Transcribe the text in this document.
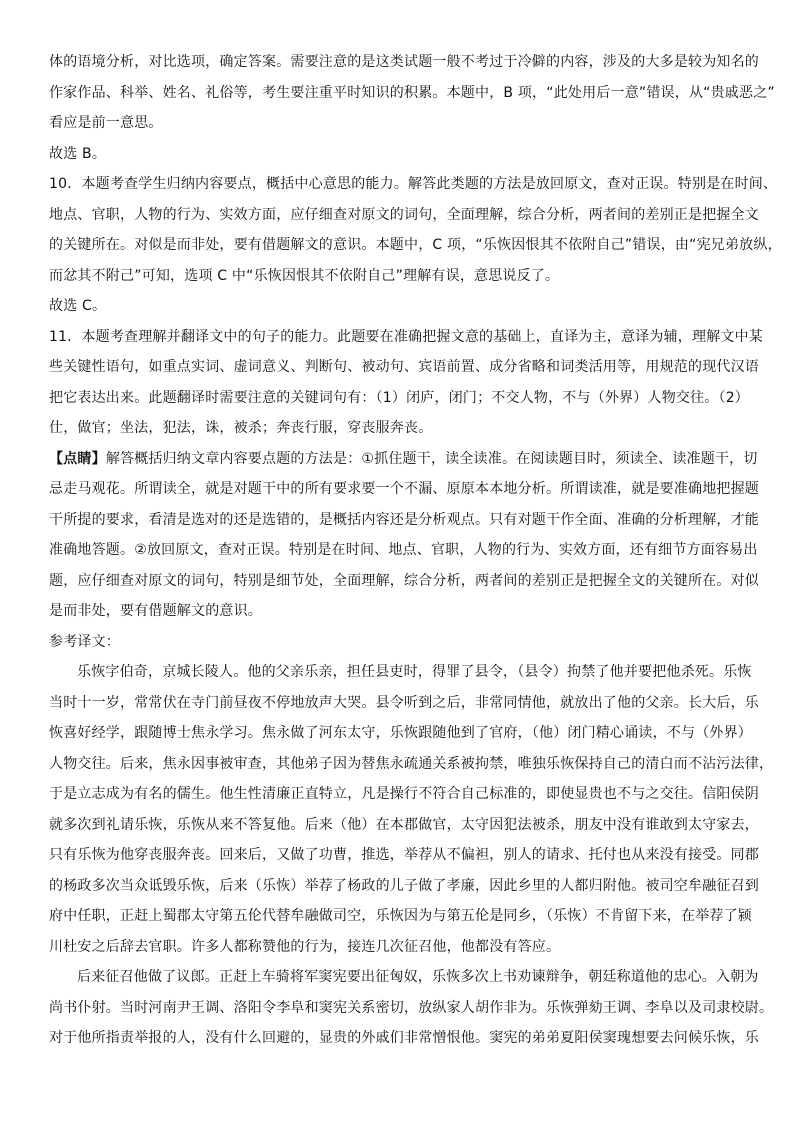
体的语境分析，对比选项，确定答案。需要注意的是这类试题一般不考过于冷僻的内容，涉及的大多是较为知名的
作家作品、科举、姓名、礼俗等，考生要注重平时知识的积累。本题中，B 项，“此处用后一意”错误，从“贵戚恶之”
看应是前一意思。
故选 B。
10．本题考查学生归纳内容要点，概括中心意思的能力。解答此类题的方法是放回原文，查对正误。特别是在时间、
地点、官职，人物的行为、实效方面，应仔细查对原文的词句，全面理解，综合分析，两者间的差别正是把握全文
的关键所在。对似是而非处，要有借题解文的意识。本题中，C 项，“乐恢因恨其不依附自己”错误，由“宪兄弟放纵，
而忿其不附己”可知，选项 C 中“乐恢因恨其不依附自己”理解有误，意思说反了。
故选 C。
11．本题考查理解并翻译文中的句子的能力。此题要在准确把握文意的基础上，直译为主，意译为辅，理解文中某
些关键性语句，如重点实词、虚词意义、判断句、被动句、宾语前置、成分省略和词类活用等，用规范的现代汉语
把它表达出来。此题翻译时需要注意的关键词句有：（1）闭庐，闭门；不交人物，不与（外界）人物交往。（2）
仕，做官；坐法，犯法，诛，被杀；奔丧行服，穿丧服奔丧。
【点睛】解答概括归纳文章内容要点题的方法是：①抓住题干，读全读准。在阅读题目时，须读全、读准题干，切
忌走马观花。所谓读全，就是对题干中的所有要求要一个不漏、原原本本地分析。所谓读准，就是要准确地把握题
干所提的要求，看清是选对的还是选错的，是概括内容还是分析观点。只有对题干作全面、准确的分析理解，才能
准确地答题。②放回原文，查对正误。特别是在时间、地点、官职，人物的行为、实效方面，还有细节方面容易出
题，应仔细查对原文的词句，特别是细节处，全面理解，综合分析，两者间的差别正是把握全文的关键所在。对似
是而非处，要有借题解文的意识。
参考译文：
乐恢字伯奇，京城长陵人。他的父亲乐亲，担任县吏时，得罪了县令，（县令）拘禁了他并要把他杀死。乐恢
当时十一岁，常常伏在寺门前昼夜不停地放声大哭。县令听到之后，非常同情他，就放出了他的父亲。长大后，乐
恢喜好经学，跟随博士焦永学习。焦永做了河东太守，乐恢跟随他到了官府，（他）闭门精心诵读，不与（外界）
人物交往。后来，焦永因事被审查，其他弟子因为替焦永疏通关系被拘禁，唯独乐恢保持自己的清白而不沾污法律，
于是立志成为有名的儒生。他生性清廉正直特立，凡是操行不符合自己标准的，即使显贵也不与之交往。信阳侯阴
就多次到礼请乐恢，乐恢从来不答复他。后来（他）在本郡做官，太守因犯法被杀，朋友中没有谁敢到太守家去，
只有乐恢为他穿丧服奔丧。回来后，又做了功曹，推选，举荐从不偏袒，别人的请求、托付也从来没有接受。同郡
的杨政多次当众诋毁乐恢，后来（乐恢）举荐了杨政的儿子做了孝廉，因此乡里的人都归附他。被司空牟融征召到
府中任职，正赶上蜀郡太守第五伦代替牟融做司空，乐恢因为与第五伦是同乡，（乐恢）不肯留下来，在举荐了颍
川杜安之后辞去官职。许多人都称赞他的行为，接连几次征召他，他都没有答应。
后来征召他做了议郎。正赶上车骑将军窦宪要出征匈奴，乐恢多次上书劝谏辩争，朝廷称道他的忠心。入朝为
尚书仆射。当时河南尹王调、洛阳令李阜和窦宪关系密切，放纵家人胡作非为。乐恢弹劾王调、李阜以及司隶校尉。
对于他所指责举报的人，没有什么回避的，显贵的外戚们非常憎恨他。窦宪的弟弟夏阳侯窦瑰想要去问候乐恢，乐
